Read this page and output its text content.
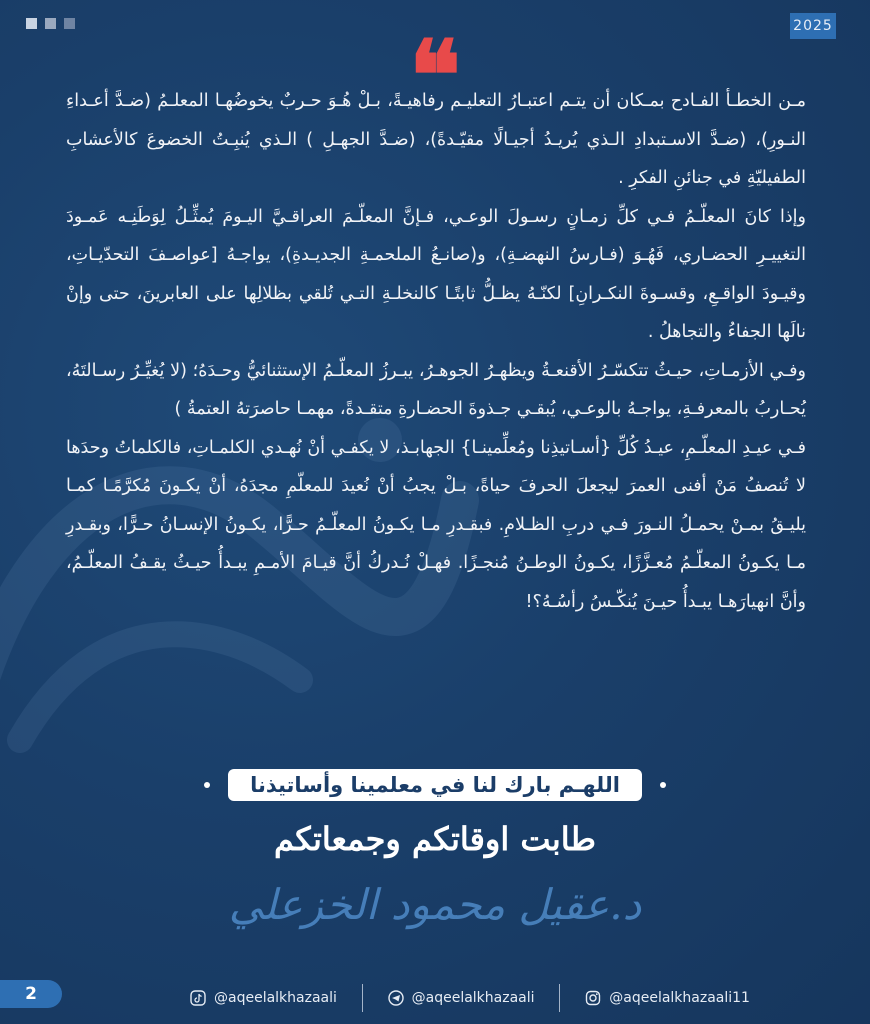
2025
❝

مـن الخطـأ الفـادح بمـكان أن يتـم اعتبـارُ التعليـم رفاهيـةً، بـلْ هُـوَ حـربٌ يخوضُهـا المعلـمُ (ضـدَّ أعـداءِ النـورِ)، (ضـدَّ الاسـتبدادِ الـذي يُريـدُ أجيـالًا مقيّـدةً)، (ضـدَّ الجهـلِ ) الـذي يُنبِـتُ الخضوعَ كالأعشابِ الطفيليّةِ في جنائنِ الفكرِ .

وإذا كانَ المعلّـمُ فـي كلِّ زمـانٍ رسـولَ الوعـي، فـإنَّ المعلّـمَ العراقـيَّ اليـومَ يُمثِّـلُ لِوَطَنِـه عَمـودَ التغييـرِ الحضـاري، فَهُـوَ (فـارسُ النهضـةِ)، و(صانـعُ الملحمـةِ الجديـدةِ)، يواجـهُ [عواصـفَ التحدّيـاتِ، وقيـودَ الواقـعِ، وقسـوةَ النكـرانِ] لكنّـهُ يظـلُّ ثابتًـا كالنخلـةِ التـي تُلقي بظلالِها على العابرينَ، حتى وإنْ نالَها الجفاءُ والتجاهلُ .

وفـي الأزمـاتِ، حيـثُ تتكسّـرُ الأقنعـةُ ويظهـرُ الجوهـرُ، يبـرزُ المعلّـمُ الإستثنائيُّ وحـدَهُ؛ (لا يُغيِّـرُ رسـالتَهُ، يُحـاربُ بالمعرفـةِ، يواجـهُ بالوعـي، يُبقـي جـذوةَ الحضـارةِ متقـدةً، مهمـا حاصرَتهُ العتمةُ )

فـي عيـدِ المعلّـمِ، عيـدُ كُلِّ {أسـاتيذِنا ومُعلِّمينـا} الجهابـذ، لا يكفـي أنْ نُهـدي الكلمـاتِ، فالكلماتُ وحدَها لا تُنصفُ مَنْ أفنى العمرَ ليجعلَ الحرفَ حياةً، بـلْ يجبُ أنْ نُعيدَ للمعلّمِ مجدَهُ، أنْ يكـونَ مُكرَّمًـا كمـا يليـقُ بمـنْ يحمـلُ النـورَ فـي دربِ الظـلامِ. فبقـدرِ مـا يكـونُ المعلّـمُ حـرًّا، يكـونُ الإنسـانُ حـرًّا، وبقـدرِ مـا يكـونُ المعلّـمُ مُعـزَّزًا، يكـونُ الوطـنُ مُنجـزًا. فهـلْ نُـدركُ أنَّ قيـامَ الأمـمِ يبـدأُ حيـثُ يقـفُ المعلّـمُ، وأنَّ انهيارَهـا يبـدأُ حيـنَ يُنكّـسُ رأسُـهُ؟!

اللهـم بارك لنا في معلمينا وأساتيذنا
طابت اوقاتكم وجمعاتكم
د.عقيل محمود الخزعلي
2	@aqeelalkhazaali	@aqeelalkhazaali	@aqeelalkhazaali11
